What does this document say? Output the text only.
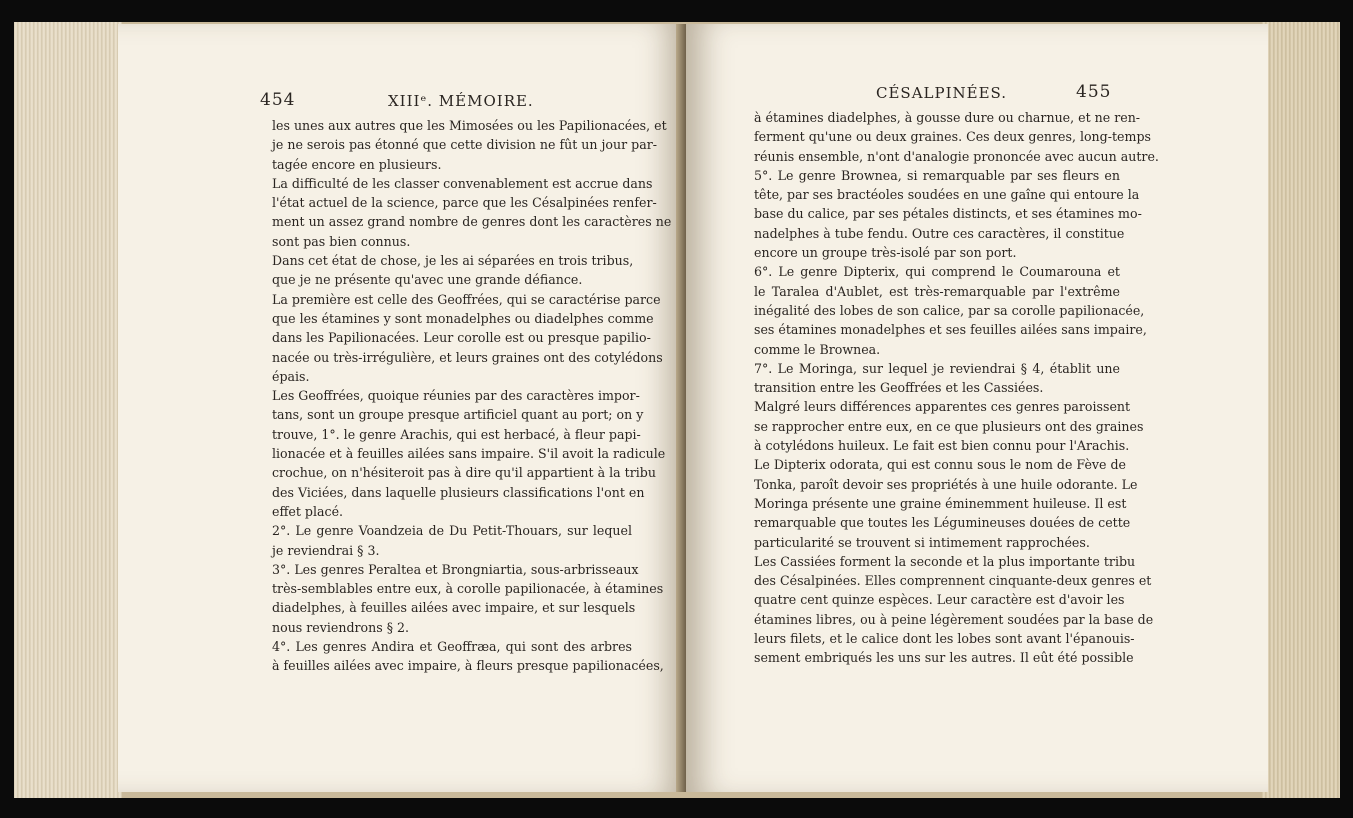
454	XIIIᵉ. MÉMOIRE.
les unes aux autres que les Mimosées ou les Papilionacées, et
je ne serois pas étonné que cette division ne fût un jour par-
tagée encore en plusieurs.
La difficulté de les classer convenablement est accrue dans
l'état actuel de la science, parce que les Césalpinées renfer-
ment un assez grand nombre de genres dont les caractères ne
sont pas bien connus.
Dans cet état de chose, je les ai séparées en trois tribus,
que je ne présente qu'avec une grande défiance.
La première est celle des Geoffrées, qui se caractérise parce
que les étamines y sont monadelphes ou diadelphes comme
dans les Papilionacées. Leur corolle est ou presque papilio-
nacée ou très-irrégulière, et leurs graines ont des cotylédons
épais.
Les Geoffrées, quoique réunies par des caractères impor-
tans, sont un groupe presque artificiel quant au port; on y
trouve, 1°. le genre Arachis, qui est herbacé, à fleur papi-
lionacée et à feuilles ailées sans impaire. S'il avoit la radicule
crochue, on n'hésiteroit pas à dire qu'il appartient à la tribu
des Viciées, dans laquelle plusieurs classifications l'ont en
effet placé.
2°. Le genre Voandzeia de Du Petit-Thouars, sur lequel
je reviendrai § 3.
3°. Les genres Peraltea et Brongniartia, sous-arbrisseaux
très-semblables entre eux, à corolle papilionacée, à étamines
diadelphes, à feuilles ailées avec impaire, et sur lesquels
nous reviendrons § 2.
4°. Les genres Andira et Geoffræa, qui sont des arbres
à feuilles ailées avec impaire, à fleurs presque papilionacées,
CÉSALPINÉES.	455
à étamines diadelphes, à gousse dure ou charnue, et ne ren-
ferment qu'une ou deux graines. Ces deux genres, long-temps
réunis ensemble, n'ont d'analogie prononcée avec aucun autre.
5°. Le genre Brownea, si remarquable par ses fleurs en
tête, par ses bractéoles soudées en une gaîne qui entoure la
base du calice, par ses pétales distincts, et ses étamines mo-
nadelphes à tube fendu. Outre ces caractères, il constitue
encore un groupe très-isolé par son port.
6°. Le genre Dipterix, qui comprend le Coumarouna et
le Taralea d'Aublet, est très-remarquable par l'extrême
inégalité des lobes de son calice, par sa corolle papilionacée,
ses étamines monadelphes et ses feuilles ailées sans impaire,
comme le Brownea.
7°. Le Moringa, sur lequel je reviendrai § 4, établit une
transition entre les Geoffrées et les Cassiées.
Malgré leurs différences apparentes ces genres paroissent
se rapprocher entre eux, en ce que plusieurs ont des graines
à cotylédons huileux. Le fait est bien connu pour l'Arachis.
Le Dipterix odorata, qui est connu sous le nom de Fève de
Tonka, paroît devoir ses propriétés à une huile odorante. Le
Moringa présente une graine éminemment huileuse. Il est
remarquable que toutes les Légumineuses douées de cette
particularité se trouvent si intimement rapprochées.
Les Cassiées forment la seconde et la plus importante tribu
des Césalpinées. Elles comprennent cinquante-deux genres et
quatre cent quinze espèces. Leur caractère est d'avoir les
étamines libres, ou à peine légèrement soudées par la base de
leurs filets, et le calice dont les lobes sont avant l'épanouis-
sement embriqués les uns sur les autres. Il eût été possible
